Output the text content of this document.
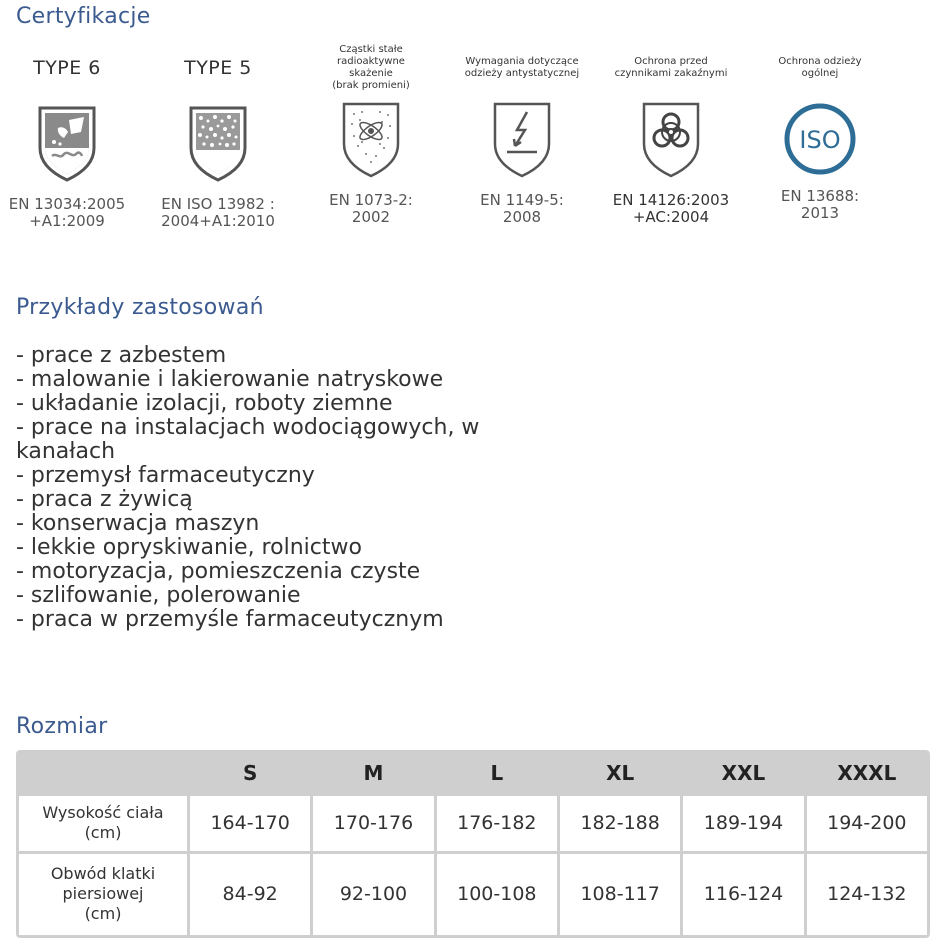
Certyfikacje
TYPE 6
EN 13034:2005
+A1:2009
TYPE 5
EN ISO 13982 :
2004+A1:2010
Cząstki stałe
radioaktywne
skażenie
(brak promieni)
EN 1073-2:
2002
Wymagania dotyczące
odzieży antystatycznej
EN 1149-5:
2008
Ochrona przed
czynnikami zakaźnymi
EN 14126:2003
+AC:2004
Ochrona odzieży
ogólnej
ISO
EN 13688:
2013
Przykłady zastosowań
- prace z azbestem
- malowanie i lakierowanie natryskowe
- układanie izolacji, roboty ziemne
- prace na instalacjach wodociągowych, w kanałach
- przemysł farmaceutyczny
- praca z żywicą
- konserwacja maszyn
- lekkie opryskiwanie, rolnictwo
- motoryzacja, pomieszczenia czyste
- szlifowanie, polerowanie
- praca w przemyśle farmaceutycznym
Rozmiar
	S	M	L	XL	XXL	XXXL

Wysokość ciała
(cm)	164-170	170-176	176-182	182-188	189-194	194-200

Obwód klatki
piersiowej
(cm)	84-92	92-100	100-108	108-117	116-124	124-132
